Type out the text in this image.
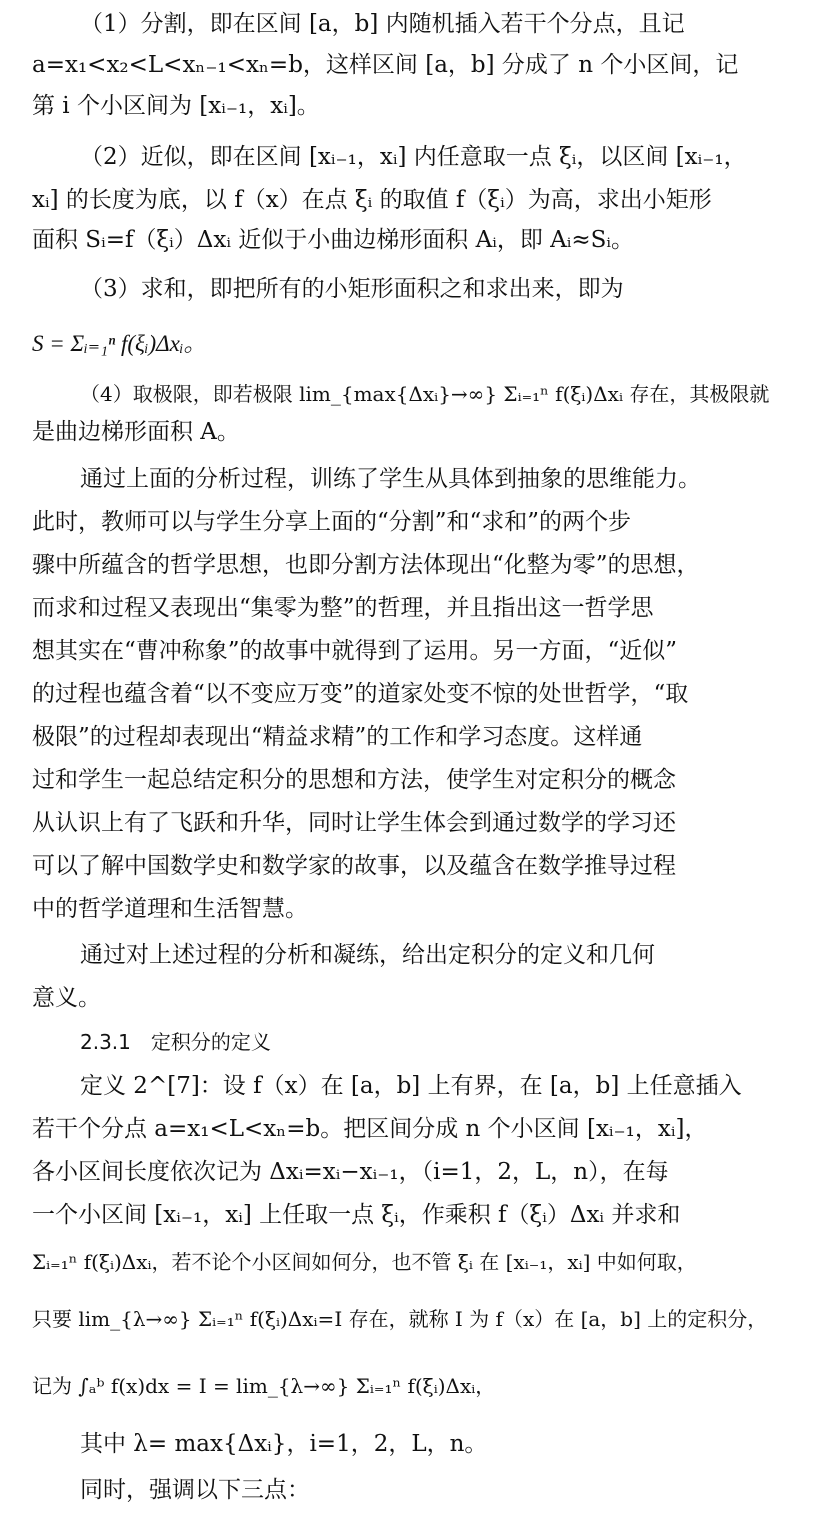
（1）分割，即在区间 [a，b] 内随机插入若干个分点，且记
a=x₁<x₂<L<xₙ₋₁<xₙ=b，这样区间 [a，b] 分成了 n 个小区间，记
第 i 个小区间为 [xᵢ₋₁，xᵢ]。
（2）近似，即在区间 [xᵢ₋₁，xᵢ] 内任意取一点 ξᵢ，以区间 [xᵢ₋₁，
xᵢ] 的长度为底，以 f（x）在点 ξᵢ 的取值 f（ξᵢ）为高，求出小矩形
面积 Sᵢ=f（ξᵢ）Δxᵢ 近似于小曲边梯形面积 Aᵢ，即 Aᵢ≈Sᵢ。
（3）求和，即把所有的小矩形面积之和求出来，即为
S = Σᵢ₌₁ⁿ f(ξᵢ)Δxᵢ。
（4）取极限，即若极限 lim_{max{Δxᵢ}→∞} Σᵢ₌₁ⁿ f(ξᵢ)Δxᵢ 存在，其极限就
是曲边梯形面积 A。
通过上面的分析过程，训练了学生从具体到抽象的思维能力。
此时，教师可以与学生分享上面的“分割”和“求和”的两个步
骤中所蕴含的哲学思想，也即分割方法体现出“化整为零”的思想，
而求和过程又表现出“集零为整”的哲理，并且指出这一哲学思
想其实在“曹冲称象”的故事中就得到了运用。另一方面，“近似”
的过程也蕴含着“以不变应万变”的道家处变不惊的处世哲学，“取
极限”的过程却表现出“精益求精”的工作和学习态度。这样通
过和学生一起总结定积分的思想和方法，使学生对定积分的概念
从认识上有了飞跃和升华，同时让学生体会到通过数学的学习还
可以了解中国数学史和数学家的故事，以及蕴含在数学推导过程
中的哲学道理和生活智慧。
通过对上述过程的分析和凝练，给出定积分的定义和几何
意义。
2.3.1　定积分的定义
定义 2^[7]：设 f（x）在 [a，b] 上有界，在 [a，b] 上任意插入
若干个分点 a=x₁<L<xₙ=b。把区间分成 n 个小区间 [xᵢ₋₁，xᵢ]，
各小区间长度依次记为 Δxᵢ=xᵢ−xᵢ₋₁，（i=1，2，L，n），在每
一个小区间 [xᵢ₋₁，xᵢ] 上任取一点 ξᵢ，作乘积 f（ξᵢ）Δxᵢ 并求和
Σᵢ₌₁ⁿ f(ξᵢ)Δxᵢ，若不论个小区间如何分，也不管 ξᵢ 在 [xᵢ₋₁，xᵢ] 中如何取，
只要 lim_{λ→∞} Σᵢ₌₁ⁿ f(ξᵢ)Δxᵢ=I 存在，就称 I 为 f（x）在 [a，b] 上的定积分，
记为 ∫ₐᵇ f(x)dx = I = lim_{λ→∞} Σᵢ₌₁ⁿ f(ξᵢ)Δxᵢ，
其中 λ= max{Δxᵢ}，i=1，2，L，n。
同时，强调以下三点：
